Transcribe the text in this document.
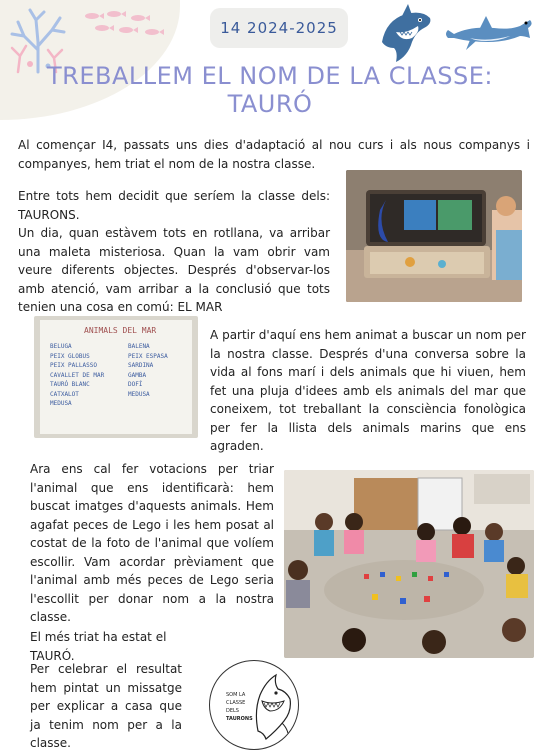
14 2024-2025
TREBALLEM EL NOM DE LA CLASSE:
TAURÓ

Al començar I4, passats uns dies d'adaptació al nou curs i als nous companys i companyes, hem triat el nom de la nostra classe.

Entre tots hem decidit que seríem la classe dels: TAURONS.
Un dia, quan estàvem tots en rotllana, va arribar una maleta misteriosa. Quan la vam obrir vam veure diferents objectes. Després d'observar-los amb atenció, vam arribar a la conclusió que tots tenien una cosa en comú: EL MAR

ANIMALS DEL MAR
BELUGA
PEIX GLOBUS
PEIX PALLASSO
CAVALLET DE MAR
TAURÓ BLANC
CATXALOT
MEDUSA
BALENA
PEIX ESPASA
SARDINA
GAMBA
DOFÍ
MEDUSA

A partir d'aquí ens hem animat a buscar un nom per la nostra classe. Després d'una conversa sobre la vida al fons marí i dels animals que hi viuen, hem fet una pluja d'idees amb els animals del mar que coneixem, tot treballant la consciència fonològica per fer la llista dels animals marins que ens agraden.

Ara ens cal fer votacions per triar l'animal que ens identificarà: hem buscat imatges d'aquests animals. Hem agafat peces de Lego i les hem posat al costat de la foto de l'animal que volíem escollir. Vam acordar prèviament que l'animal amb més peces de Lego seria l'escollit per donar nom a la nostra classe.

El més triat ha estat el TAURÓ.

Per celebrar el resultat hem pintat un missatge per explicar a casa que ja tenim nom per a la classe.

SOM LA
CLASSE
DELS
TAURONS
